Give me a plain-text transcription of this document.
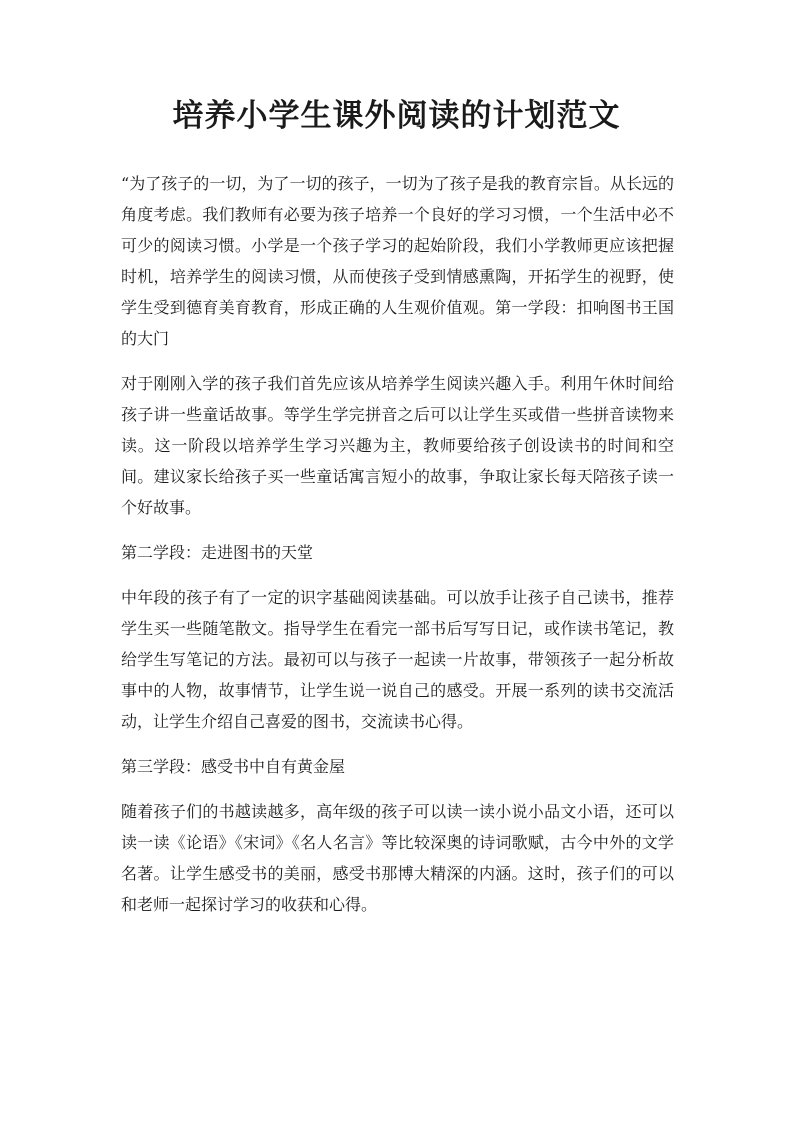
培养小学生课外阅读的计划范文

“为了孩子的一切，为了一切的孩子，一切为了孩子是我的教育宗旨。从长远的角度考虑。我们教师有必要为孩子培养一个良好的学习习惯，一个生活中必不可少的阅读习惯。小学是一个孩子学习的起始阶段，我们小学教师更应该把握时机，培养学生的阅读习惯，从而使孩子受到情感熏陶，开拓学生的视野，使学生受到德育美育教育，形成正确的人生观价值观。第一学段：扣响图书王国的大门

对于刚刚入学的孩子我们首先应该从培养学生阅读兴趣入手。利用午休时间给孩子讲一些童话故事。等学生学完拼音之后可以让学生买或借一些拼音读物来读。这一阶段以培养学生学习兴趣为主，教师要给孩子创设读书的时间和空间。建议家长给孩子买一些童话寓言短小的故事，争取让家长每天陪孩子读一个好故事。

第二学段：走进图书的天堂

中年段的孩子有了一定的识字基础阅读基础。可以放手让孩子自己读书，推荐学生买一些随笔散文。指导学生在看完一部书后写写日记，或作读书笔记，教给学生写笔记的方法。最初可以与孩子一起读一片故事，带领孩子一起分析故事中的人物，故事情节，让学生说一说自己的感受。开展一系列的读书交流活动，让学生介绍自己喜爱的图书，交流读书心得。

第三学段：感受书中自有黄金屋

随着孩子们的书越读越多，高年级的孩子可以读一读小说小品文小语，还可以读一读《论语》《宋词》《名人名言》等比较深奥的诗词歌赋，古今中外的文学名著。让学生感受书的美丽，感受书那博大精深的内涵。这时，孩子们的可以和老师一起探讨学习的收获和心得。
